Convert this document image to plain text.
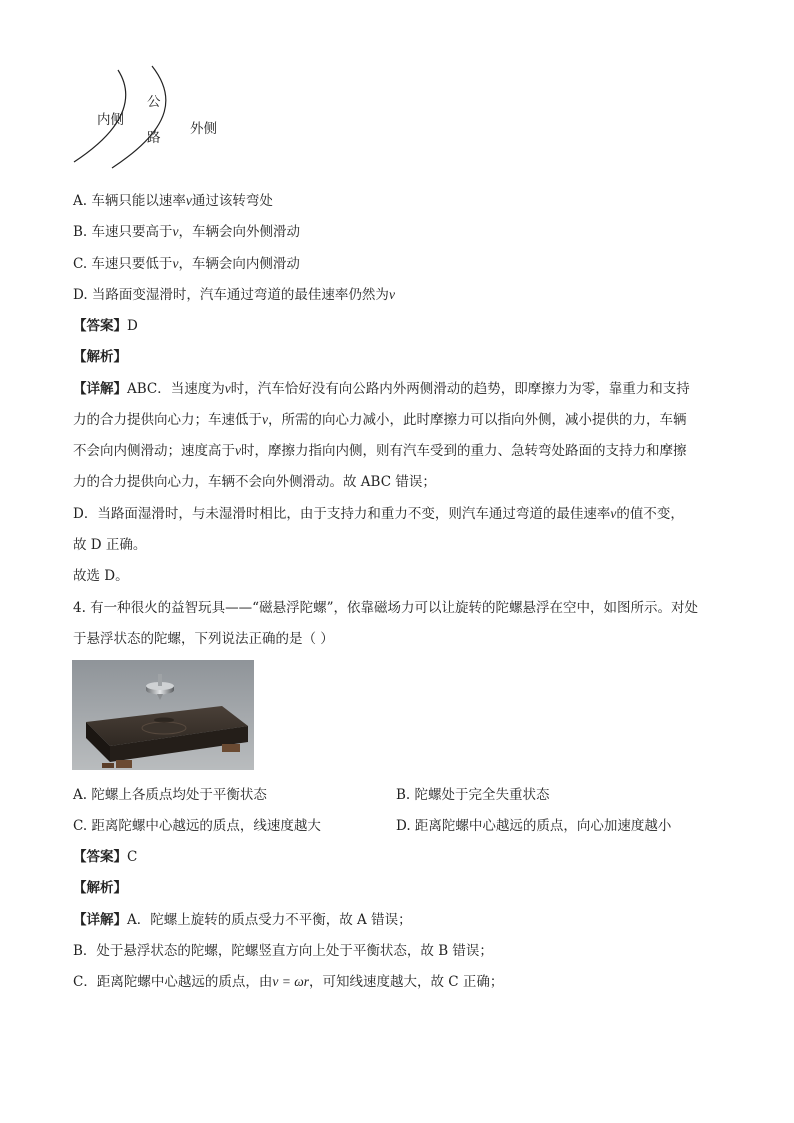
内侧
公
路
外侧
A. 车辆只能以速率v通过该转弯处
B. 车速只要高于v，车辆会向外侧滑动
C. 车速只要低于v，车辆会向内侧滑动
D. 当路面变湿滑时，汽车通过弯道的最佳速率仍然为v
【答案】D
【解析】
【详解】ABC．当速度为v时，汽车恰好没有向公路内外两侧滑动的趋势，即摩擦力为零，靠重力和支持
力的合力提供向心力；车速低于v，所需的向心力减小，此时摩擦力可以指向外侧，减小提供的力，车辆
不会向内侧滑动；速度高于v时，摩擦力指向内侧，则有汽车受到的重力、急转弯处路面的支持力和摩擦
力的合力提供向心力，车辆不会向外侧滑动。故 ABC 错误；
D．当路面湿滑时，与未湿滑时相比，由于支持力和重力不变，则汽车通过弯道的最佳速率v的值不变，
故 D 正确。
故选 D。
4. 有一种很火的益智玩具——“磁悬浮陀螺”，依靠磁场力可以让旋转的陀螺悬浮在空中，如图所示。对处
于悬浮状态的陀螺，下列说法正确的是（ ）
A. 陀螺上各质点均处于平衡状态	B. 陀螺处于完全失重状态
C. 距离陀螺中心越远的质点，线速度越大	D. 距离陀螺中心越远的质点，向心加速度越小
【答案】C
【解析】
【详解】A．陀螺上旋转的质点受力不平衡，故 A 错误；
B．处于悬浮状态的陀螺，陀螺竖直方向上处于平衡状态，故 B 错误；
C．距离陀螺中心越远的质点，由v = ωr，可知线速度越大，故 C 正确；
